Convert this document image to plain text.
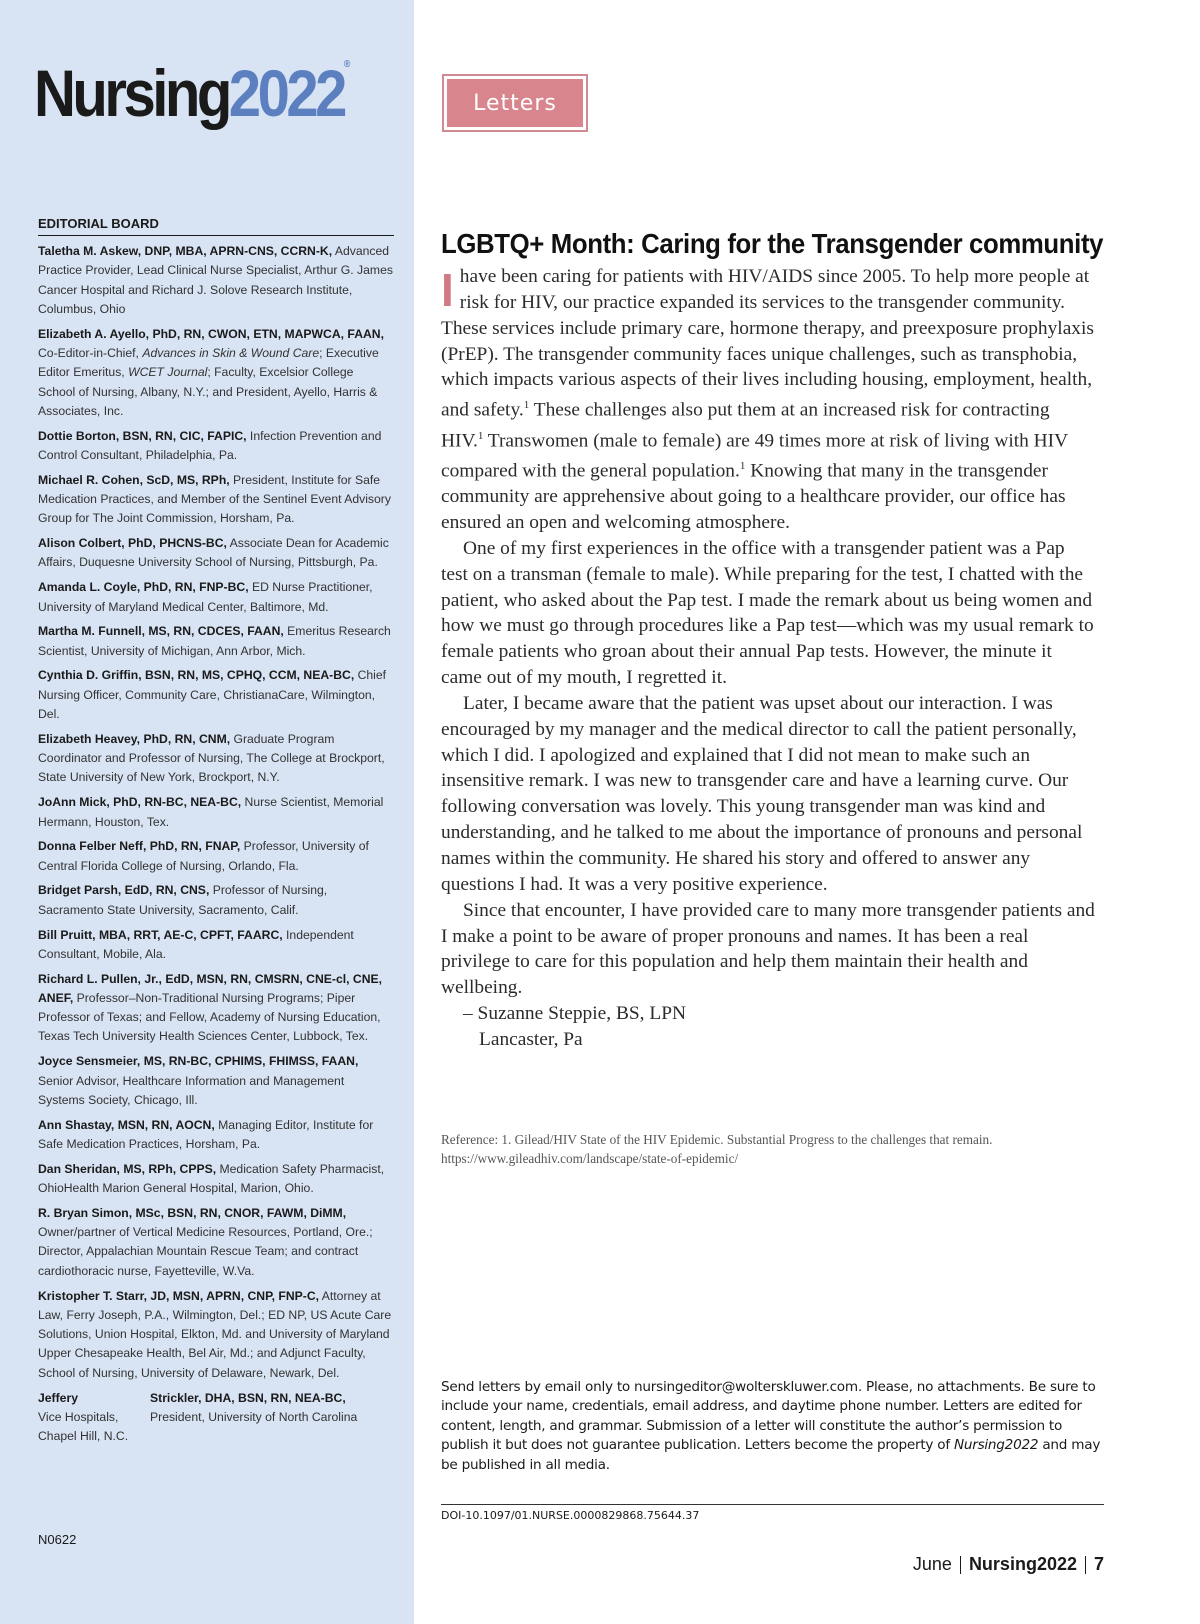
Nursing2022®
EDITORIAL BOARD
Taletha M. Askew, DNP, MBA, APRN-CNS, CCRN-K, Advanced Practice Provider, Lead Clinical Nurse Specialist, Arthur G. James Cancer Hospital and Richard J. Solove Research Institute, Columbus, Ohio
Elizabeth A. Ayello, PhD, RN, CWON, ETN, MAPWCA, FAAN, Co-Editor-in-Chief, Advances in Skin & Wound Care; Executive Editor Emeritus, WCET Journal; Faculty, Excelsior College School of Nursing, Albany, N.Y.; and President, Ayello, Harris & Associates, Inc.
Dottie Borton, BSN, RN, CIC, FAPIC, Infection Prevention and Control Consultant, Philadelphia, Pa.
Michael R. Cohen, ScD, MS, RPh, President, Institute for Safe Medication Practices, and Member of the Sentinel Event Advisory Group for The Joint Commission, Horsham, Pa.
Alison Colbert, PhD, PHCNS-BC, Associate Dean for Academic Affairs, Duquesne University School of Nursing, Pittsburgh, Pa.
Amanda L. Coyle, PhD, RN, FNP-BC, ED Nurse Practitioner, University of Maryland Medical Center, Baltimore, Md.
Martha M. Funnell, MS, RN, CDCES, FAAN, Emeritus Research Scientist, University of Michigan, Ann Arbor, Mich.
Cynthia D. Griffin, BSN, RN, MS, CPHQ, CCM, NEA-BC, Chief Nursing Officer, Community Care, ChristianaCare, Wilmington, Del.
Elizabeth Heavey, PhD, RN, CNM, Graduate Program Coordinator and Professor of Nursing, The College at Brockport, State University of New York, Brockport, N.Y.
JoAnn Mick, PhD, RN-BC, NEA-BC, Nurse Scientist, Memorial Hermann, Houston, Tex.
Donna Felber Neff, PhD, RN, FNAP, Professor, University of Central Florida College of Nursing, Orlando, Fla.
Bridget Parsh, EdD, RN, CNS, Professor of Nursing, Sacramento State University, Sacramento, Calif.
Bill Pruitt, MBA, RRT, AE-C, CPFT, FAARC, Independent Consultant, Mobile, Ala.
Richard L. Pullen, Jr., EdD, MSN, RN, CMSRN, CNE-cl, CNE, ANEF, Professor–Non-Traditional Nursing Programs; Piper Professor of Texas; and Fellow, Academy of Nursing Education, Texas Tech University Health Sciences Center, Lubbock, Tex.
Joyce Sensmeier, MS, RN-BC, CPHIMS, FHIMSS, FAAN, Senior Advisor, Healthcare Information and Management Systems Society, Chicago, Ill.
Ann Shastay, MSN, RN, AOCN, Managing Editor, Institute for Safe Medication Practices, Horsham, Pa.
Dan Sheridan, MS, RPh, CPPS, Medication Safety Pharmacist, OhioHealth Marion General Hospital, Marion, Ohio.
R. Bryan Simon, MSc, BSN, RN, CNOR, FAWM, DiMM, Owner/partner of Vertical Medicine Resources, Portland, Ore.; Director, Appalachian Mountain Rescue Team; and contract cardiothoracic nurse, Fayetteville, W.Va.
Kristopher T. Starr, JD, MSN, APRN, CNP, FNP-C, Attorney at Law, Ferry Joseph, P.A., Wilmington, Del.; ED NP, US Acute Care Solutions, Union Hospital, Elkton, Md. and University of Maryland Upper Chesapeake Health, Bel Air, Md.; and Adjunct Faculty, School of Nursing, University of Delaware, Newark, Del.
Jeffery
Vice Hospitals, Chapel Hill, N.C.
Strickler, DHA, BSN, RN, NEA-BC,
President, University of North Carolina
N0622
Letters
LGBTQ+ Month: Caring for the Transgender community

I have been caring for patients with HIV/AIDS since 2005. To help more people at risk for HIV, our practice expanded its services to the transgender community. These services include primary care, hormone therapy, and preexposure prophylaxis (PrEP). The transgender community faces unique challenges, such as transphobia, which impacts various aspects of their lives including housing, employment, health, and safety.$^1$ These challenges also put them at an increased risk for contracting HIV.$^1$ Transwomen (male to female) are 49 times more at risk of living with HIV compared with the general population.$^1$ Knowing that many in the transgender community are apprehensive about going to a healthcare provider, our office has ensured an open and welcoming atmosphere.

One of my first experiences in the office with a transgender patient was a Pap test on a transman (female to male). While preparing for the test, I chatted with the patient, who asked about the Pap test. I made the remark about us being women and how we must go through procedures like a Pap test—which was my usual remark to female patients who groan about their annual Pap tests. However, the minute it came out of my mouth, I regretted it.

Later, I became aware that the patient was upset about our interaction. I was encouraged by my manager and the medical director to call the patient personally, which I did. I apologized and explained that I did not mean to make such an insensitive remark. I was new to transgender care and have a learning curve. Our following conversation was lovely. This young transgender man was kind and understanding, and he talked to me about the importance of pronouns and personal names within the community. He shared his story and offered to answer any questions I had. It was a very positive experience.

Since that encounter, I have provided care to many more transgender patients and I make a point to be aware of proper pronouns and names. It has been a real privilege to care for this population and help them maintain their health and wellbeing.

– Suzanne Steppie, BS, LPN

Lancaster, Pa

Reference: 1. Gilead/HIV State of the HIV Epidemic. Substantial Progress to the challenges that remain. https://www.gileadhiv.com/landscape/state-of-epidemic/
Send letters by email only to nursingeditor@wolterskluwer.com. Please, no attachments. Be sure to include your name, credentials, email address, and daytime phone number. Letters are edited for content, length, and grammar. Submission of a letter will constitute the author’s permission to publish it but does not guarantee publication. Letters become the property of Nursing2022 and may be published in all media.
DOI-10.1097/01.NURSE.0000829868.75644.37
June Nursing2022 7
